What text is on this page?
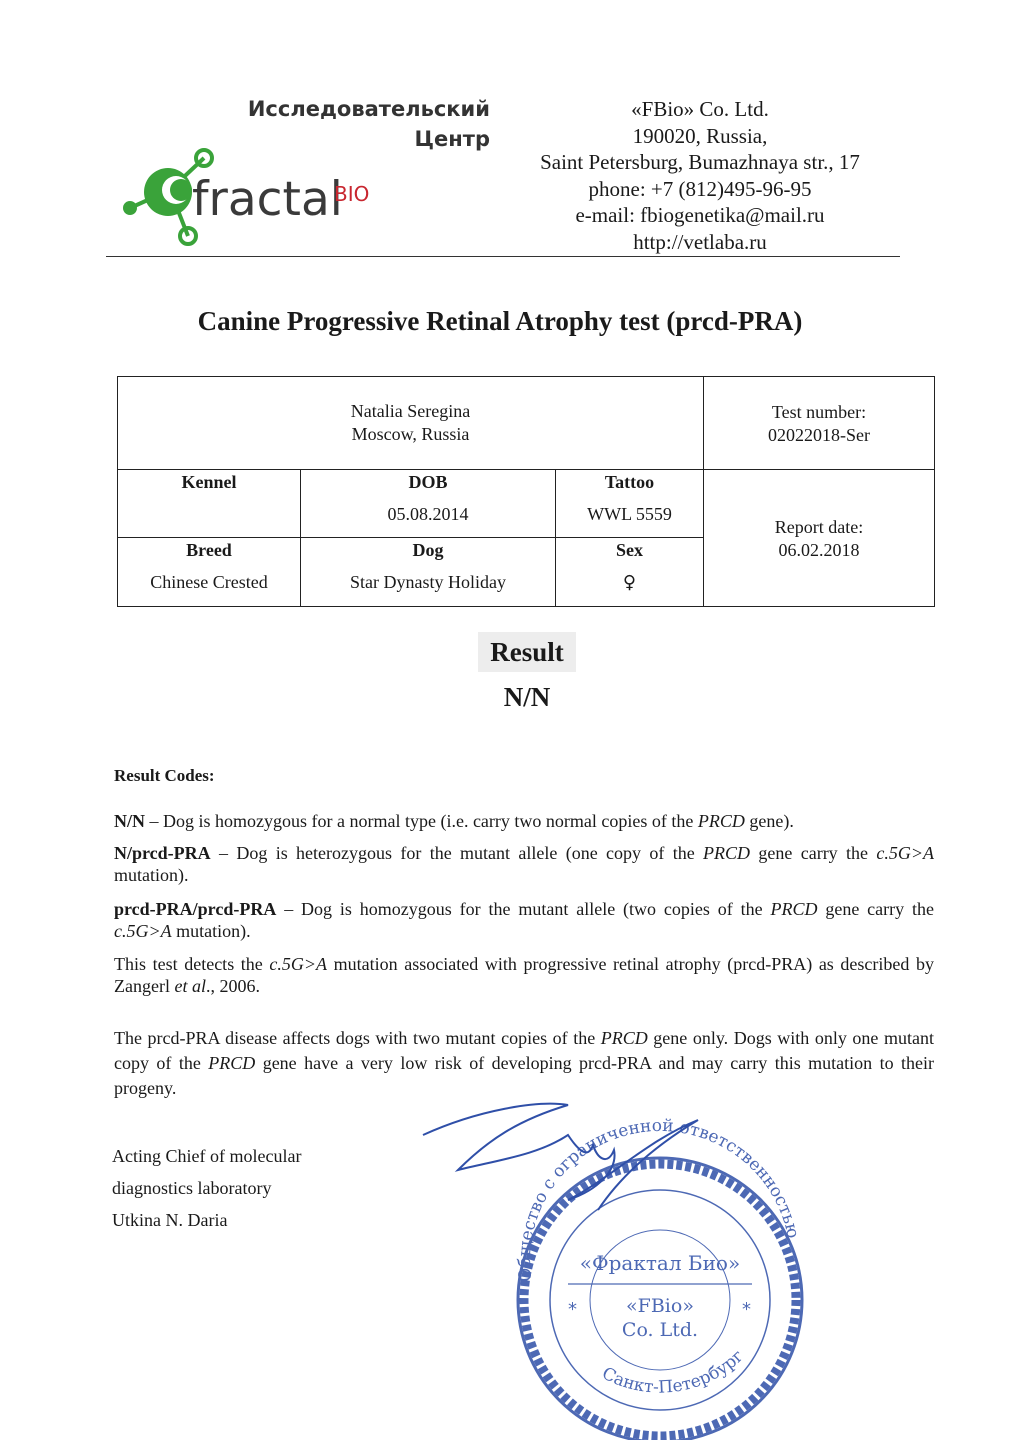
Исследовательский
Центр
fractal
BIO
«FBio» Co. Ltd.
190020, Russia,
Saint Petersburg, Bumazhnaya str., 17
phone: +7 (812)495-96-95
e-mail: fbiogenetika@mail.ru
http://vetlaba.ru
Canine Progressive Retinal Atrophy test (prcd-PRA)
Natalia Seregina
Moscow, Russia
Test number:
02022018-Ser
Kennel	DOB
05.08.2014
Tattoo
WWL 5559
Report date:
06.02.2018
Breed
Chinese Crested
Dog
Star Dynasty Holiday
Sex
♀
Result
N/N
Result Codes:
N/N – Dog is homozygous for a normal type (i.e. carry two normal copies of the PRCD gene).
N/prcd-PRA – Dog is heterozygous for the mutant allele (one copy of the PRCD gene carry the c.5G>A mutation).
prcd-PRA/prcd-PRA – Dog is homozygous for the mutant allele (two copies of the PRCD gene carry the c.5G>A mutation).
This test detects the c.5G>A mutation associated with progressive retinal atrophy (prcd-PRA) as described by Zangerl et al., 2006.
The prcd-PRA disease affects dogs with two mutant copies of the PRCD gene only. Dogs with only one mutant copy of the PRCD gene have a very low risk of developing prcd-PRA and may carry this mutation to their progeny.
Acting Chief of molecular
diagnostics laboratory
Utkina N. Daria
Общество с ограниченной ответственностью
Санкт-Петербург
«Фрактал Био»
«FBio»
Co. Ltd.
*	*
